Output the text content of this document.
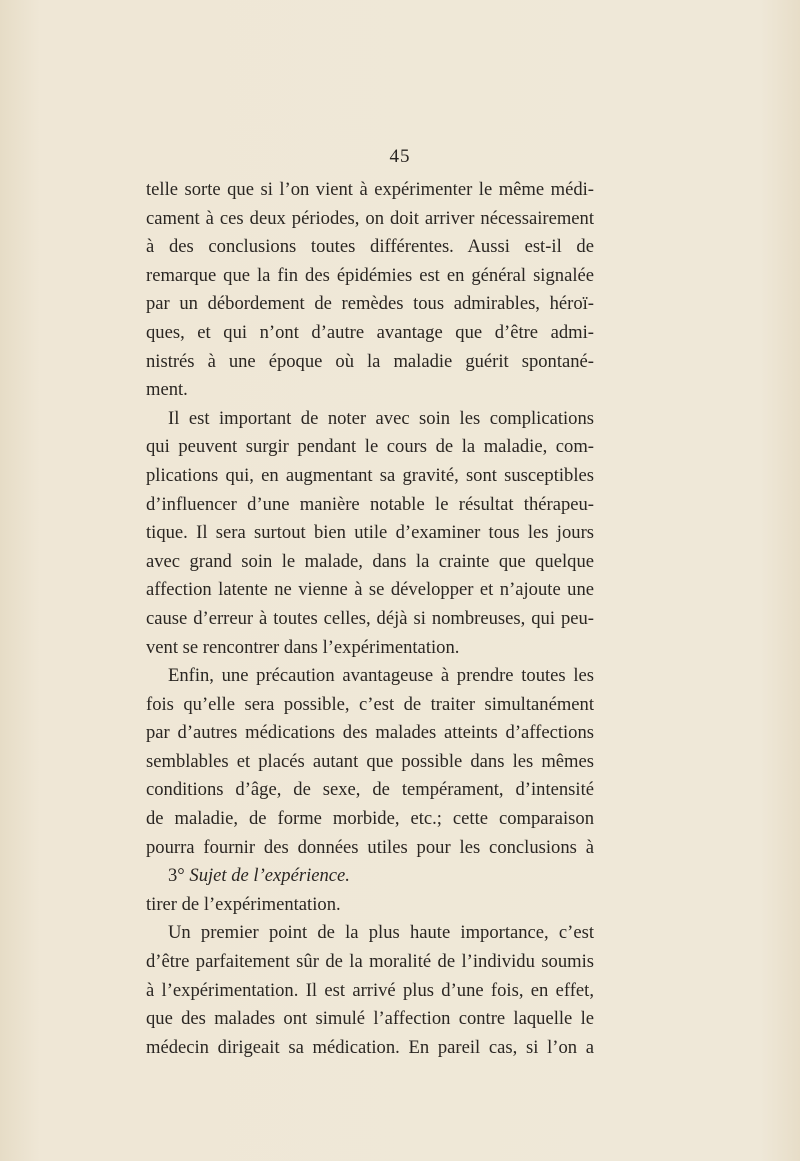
45
telle sorte que si l’on vient à expérimenter le même médi-
cament à ces deux périodes, on doit arriver nécessairement
à des conclusions toutes différentes. Aussi est-il de
remarque que la fin des épidémies est en général signalée
par un débordement de remèdes tous admirables, héroï-
ques, et qui n’ont d’autre avantage que d’être admi-
nistrés à une époque où la maladie guérit spontané-
ment.
Il est important de noter avec soin les complications
qui peuvent surgir pendant le cours de la maladie, com-
plications qui, en augmentant sa gravité, sont susceptibles
d’influencer d’une manière notable le résultat thérapeu-
tique. Il sera surtout bien utile d’examiner tous les jours
avec grand soin le malade, dans la crainte que quelque
affection latente ne vienne à se développer et n’ajoute une
cause d’erreur à toutes celles, déjà si nombreuses, qui peu-
vent se rencontrer dans l’expérimentation.
Enfin, une précaution avantageuse à prendre toutes les
fois qu’elle sera possible, c’est de traiter simultanément
par d’autres médications des malades atteints d’affections
semblables et placés autant que possible dans les mêmes
conditions d’âge, de sexe, de tempérament, d’intensité
de maladie, de forme morbide, etc.; cette comparaison
pourra fournir des données utiles pour les conclusions à
3° Sujet de l’expérience.
tirer de l’expérimentation.
Un premier point de la plus haute importance, c’est
d’être parfaitement sûr de la moralité de l’individu soumis
à l’expérimentation. Il est arrivé plus d’une fois, en effet,
que des malades ont simulé l’affection contre laquelle le
médecin dirigeait sa médication. En pareil cas, si l’on a
